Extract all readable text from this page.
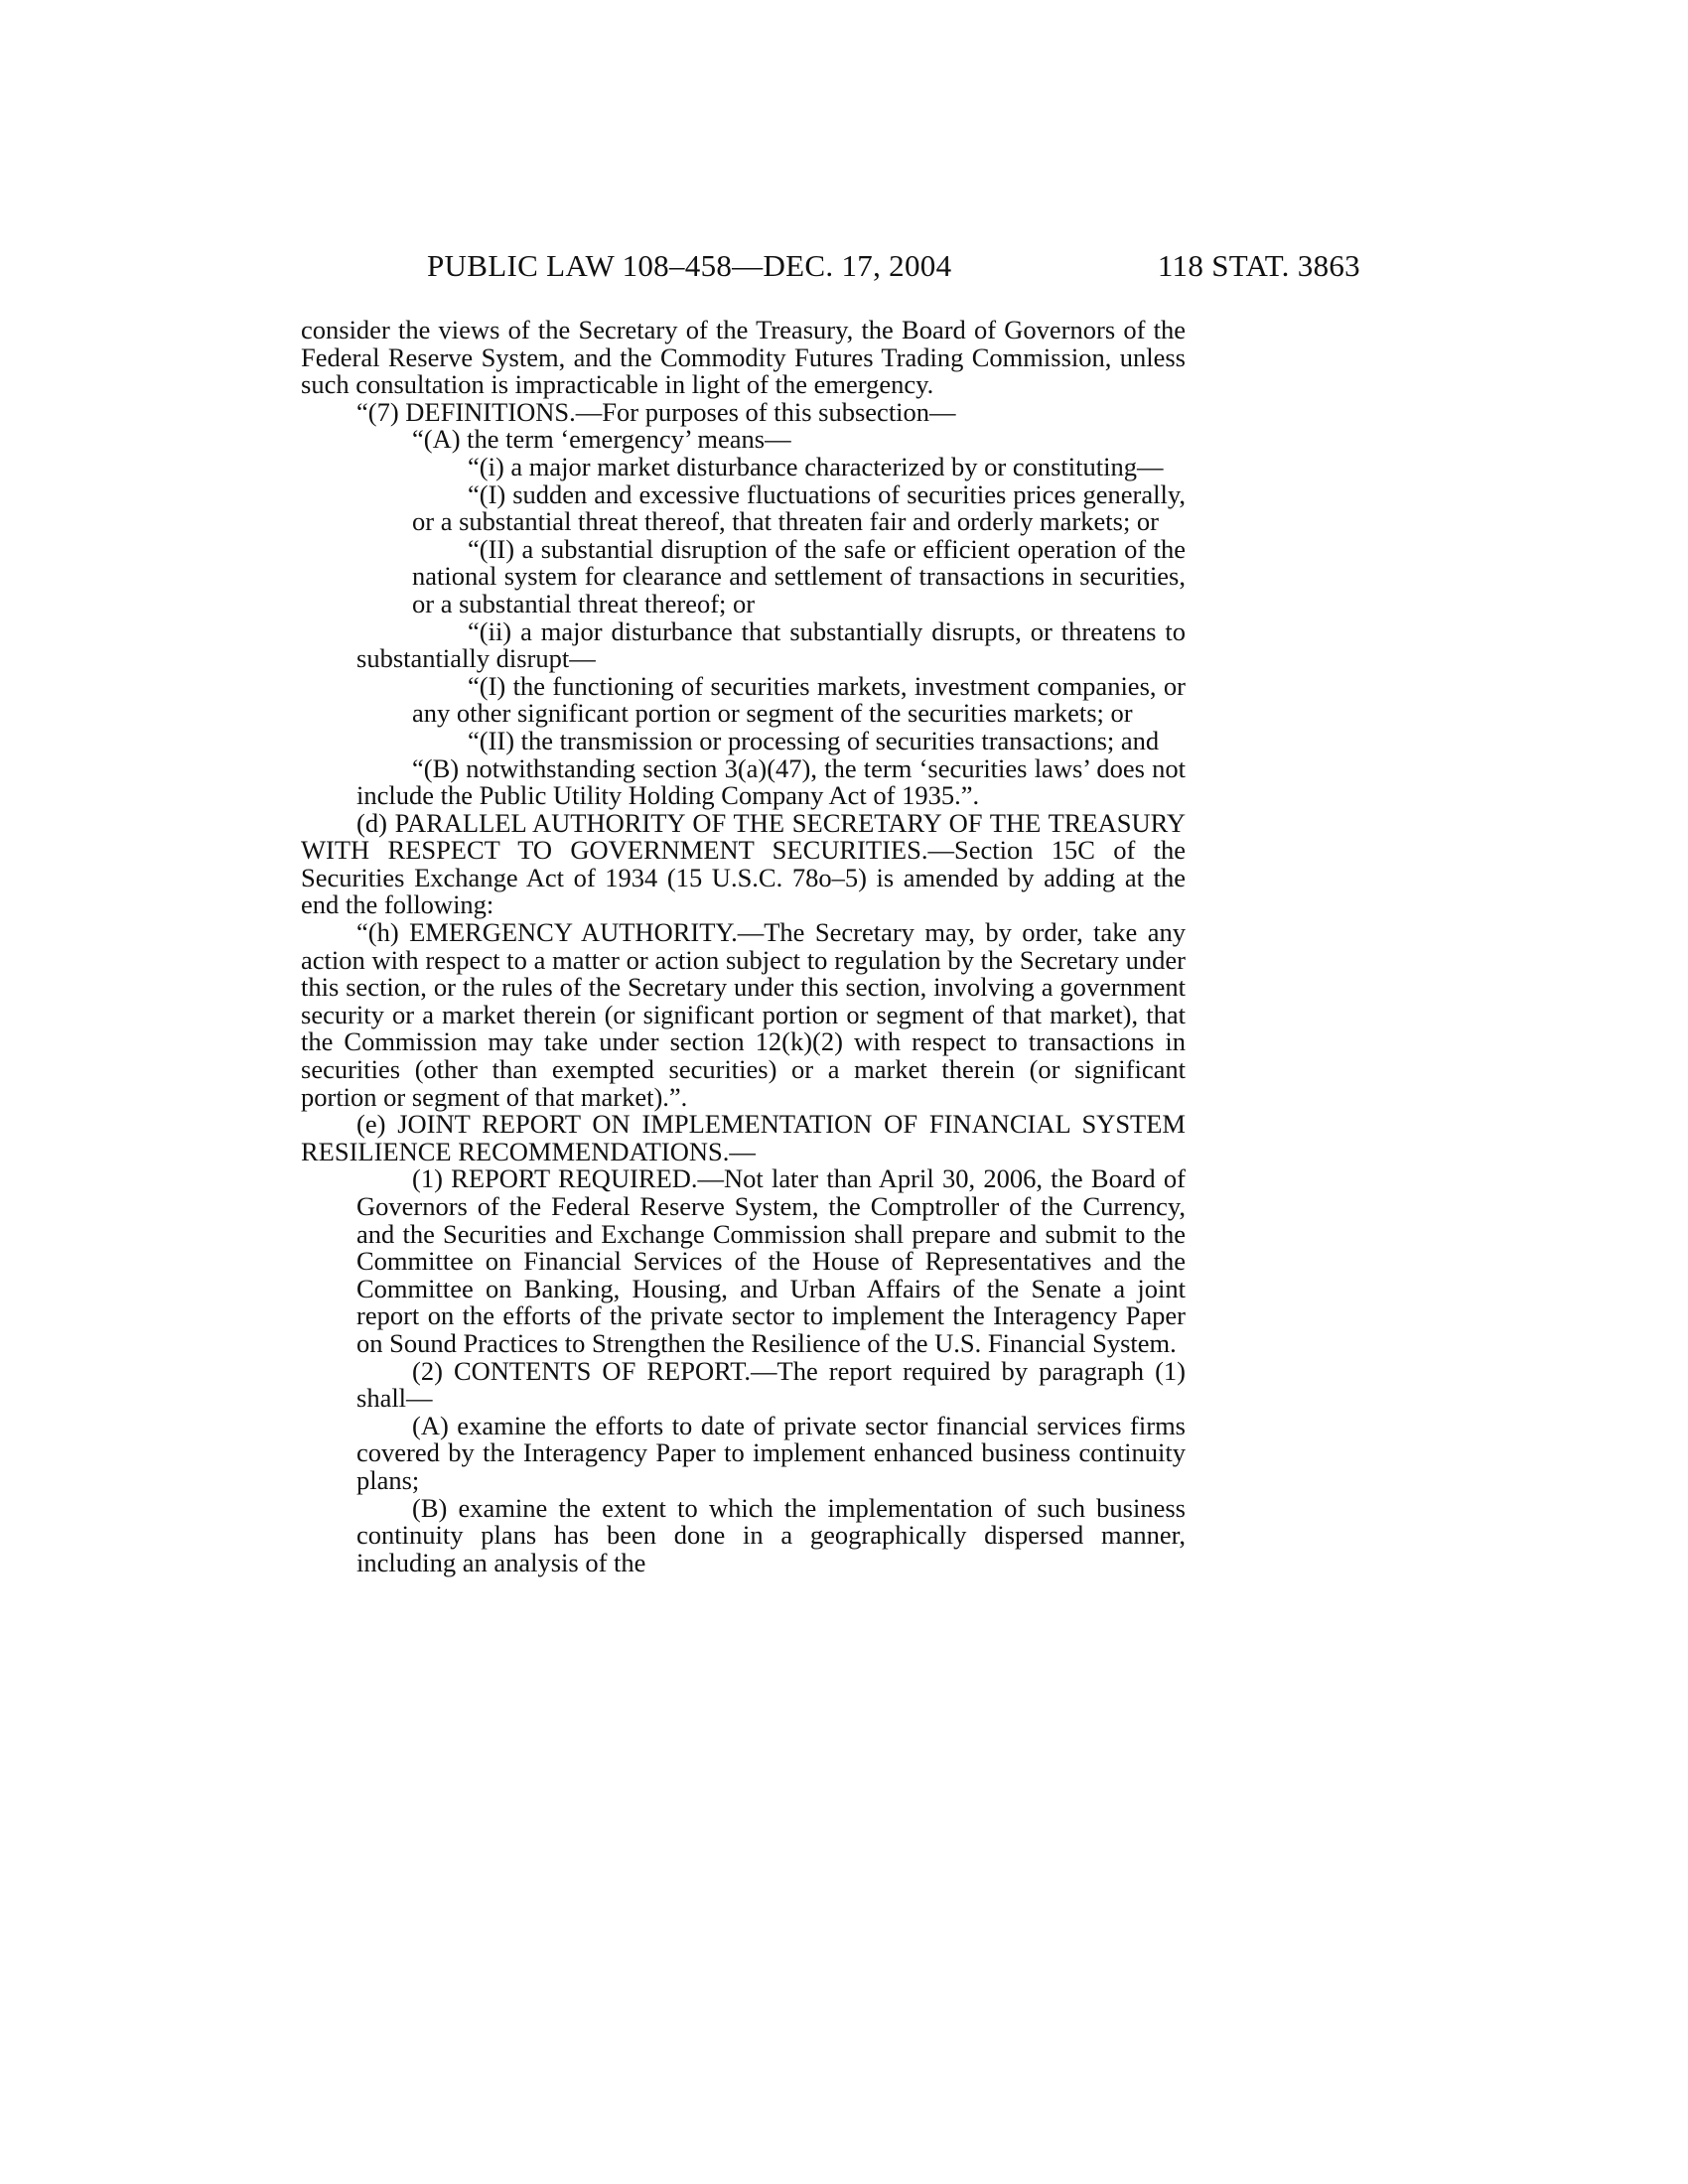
PUBLIC LAW 108–458—DEC. 17, 2004	118 STAT. 3863

consider the views of the Secretary of the Treasury, the Board of Governors of the Federal Reserve System, and the Commodity Futures Trading Commission, unless such consultation is impracticable in light of the emergency.

“(7) DEFINITIONS.—For purposes of this subsection—

“(A) the term ‘emergency’ means—

“(i) a major market disturbance characterized by or constituting—

“(I) sudden and excessive fluctuations of securities prices generally, or a substantial threat thereof, that threaten fair and orderly markets; or

“(II) a substantial disruption of the safe or efficient operation of the national system for clearance and settlement of transactions in securities, or a substantial threat thereof; or

“(ii) a major disturbance that substantially disrupts, or threatens to substantially disrupt—

“(I) the functioning of securities markets, investment companies, or any other significant portion or segment of the securities markets; or

“(II) the transmission or processing of securities transactions; and

“(B) notwithstanding section 3(a)(47), the term ‘securities laws’ does not include the Public Utility Holding Company Act of 1935.”.

(d) PARALLEL AUTHORITY OF THE SECRETARY OF THE TREASURY WITH RESPECT TO GOVERNMENT SECURITIES.—Section 15C of the Securities Exchange Act of 1934 (15 U.S.C. 78o–5) is amended by adding at the end the following:

“(h) EMERGENCY AUTHORITY.—The Secretary may, by order, take any action with respect to a matter or action subject to regulation by the Secretary under this section, or the rules of the Secretary under this section, involving a government security or a market therein (or significant portion or segment of that market), that the Commission may take under section 12(k)(2) with respect to transactions in securities (other than exempted securities) or a market therein (or significant portion or segment of that market).”.

(e) JOINT REPORT ON IMPLEMENTATION OF FINANCIAL SYSTEM RESILIENCE RECOMMENDATIONS.—

(1) REPORT REQUIRED.—Not later than April 30, 2006, the Board of Governors of the Federal Reserve System, the Comptroller of the Currency, and the Securities and Exchange Commission shall prepare and submit to the Committee on Financial Services of the House of Representatives and the Committee on Banking, Housing, and Urban Affairs of the Senate a joint report on the efforts of the private sector to implement the Interagency Paper on Sound Practices to Strengthen the Resilience of the U.S. Financial System.

(2) CONTENTS OF REPORT.—The report required by paragraph (1) shall—

(A) examine the efforts to date of private sector financial services firms covered by the Interagency Paper to implement enhanced business continuity plans;

(B) examine the extent to which the implementation of such business continuity plans has been done in a geographically dispersed manner, including an analysis of the
